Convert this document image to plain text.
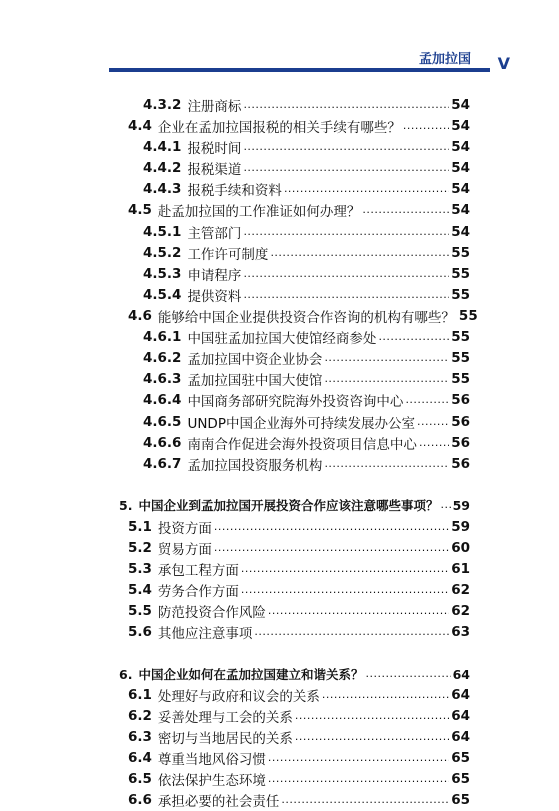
孟加拉国 V
4.3.2 注册商标 .....	54
4.4 企业在孟加拉国报税的相关手续有哪些？ .....	54
4.4.1 报税时间 .....	54
4.4.2 报税渠道 .....	54
4.4.3 报税手续和资料 .....	54
4.5 赴孟加拉国的工作准证如何办理？ .....	54
4.5.1 主管部门 .....	54
4.5.2 工作许可制度 .....	55
4.5.3 申请程序 .....	55
4.5.4 提供资料 .....	55
4.6 能够给中国企业提供投资合作咨询的机构有哪些？ 55
4.6.1 中国驻孟加拉国大使馆经商参处 .....	55
4.6.2 孟加拉国中资企业协会 .....	55
4.6.3 孟加拉国驻中国大使馆 .....	55
4.6.4 中国商务部研究院海外投资咨询中心 .....	56
4.6.5 UNDP中国企业海外可持续发展办公室 .....	56
4.6.6 南南合作促进会海外投资项目信息中心 .....	56
4.6.7 孟加拉国投资服务机构 .....	56
5. 中国企业到孟加拉国开展投资合作应该注意哪些事项？ ..... 59
5.1 投资方面 .....	59
5.2 贸易方面 .....	60
5.3 承包工程方面 .....	61
5.4 劳务合作方面 .....	62
5.5 防范投资合作风险 .....	62
5.6 其他应注意事项 .....	63
6. 中国企业如何在孟加拉国建立和谐关系？ .....	64
6.1 处理好与政府和议会的关系 .....	64
6.2 妥善处理与工会的关系 .....	64
6.3 密切与当地居民的关系 .....	64
6.4 尊重当地风俗习惯 .....	65
6.5 依法保护生态环境 .....	65
6.6 承担必要的社会责任 .....	65
